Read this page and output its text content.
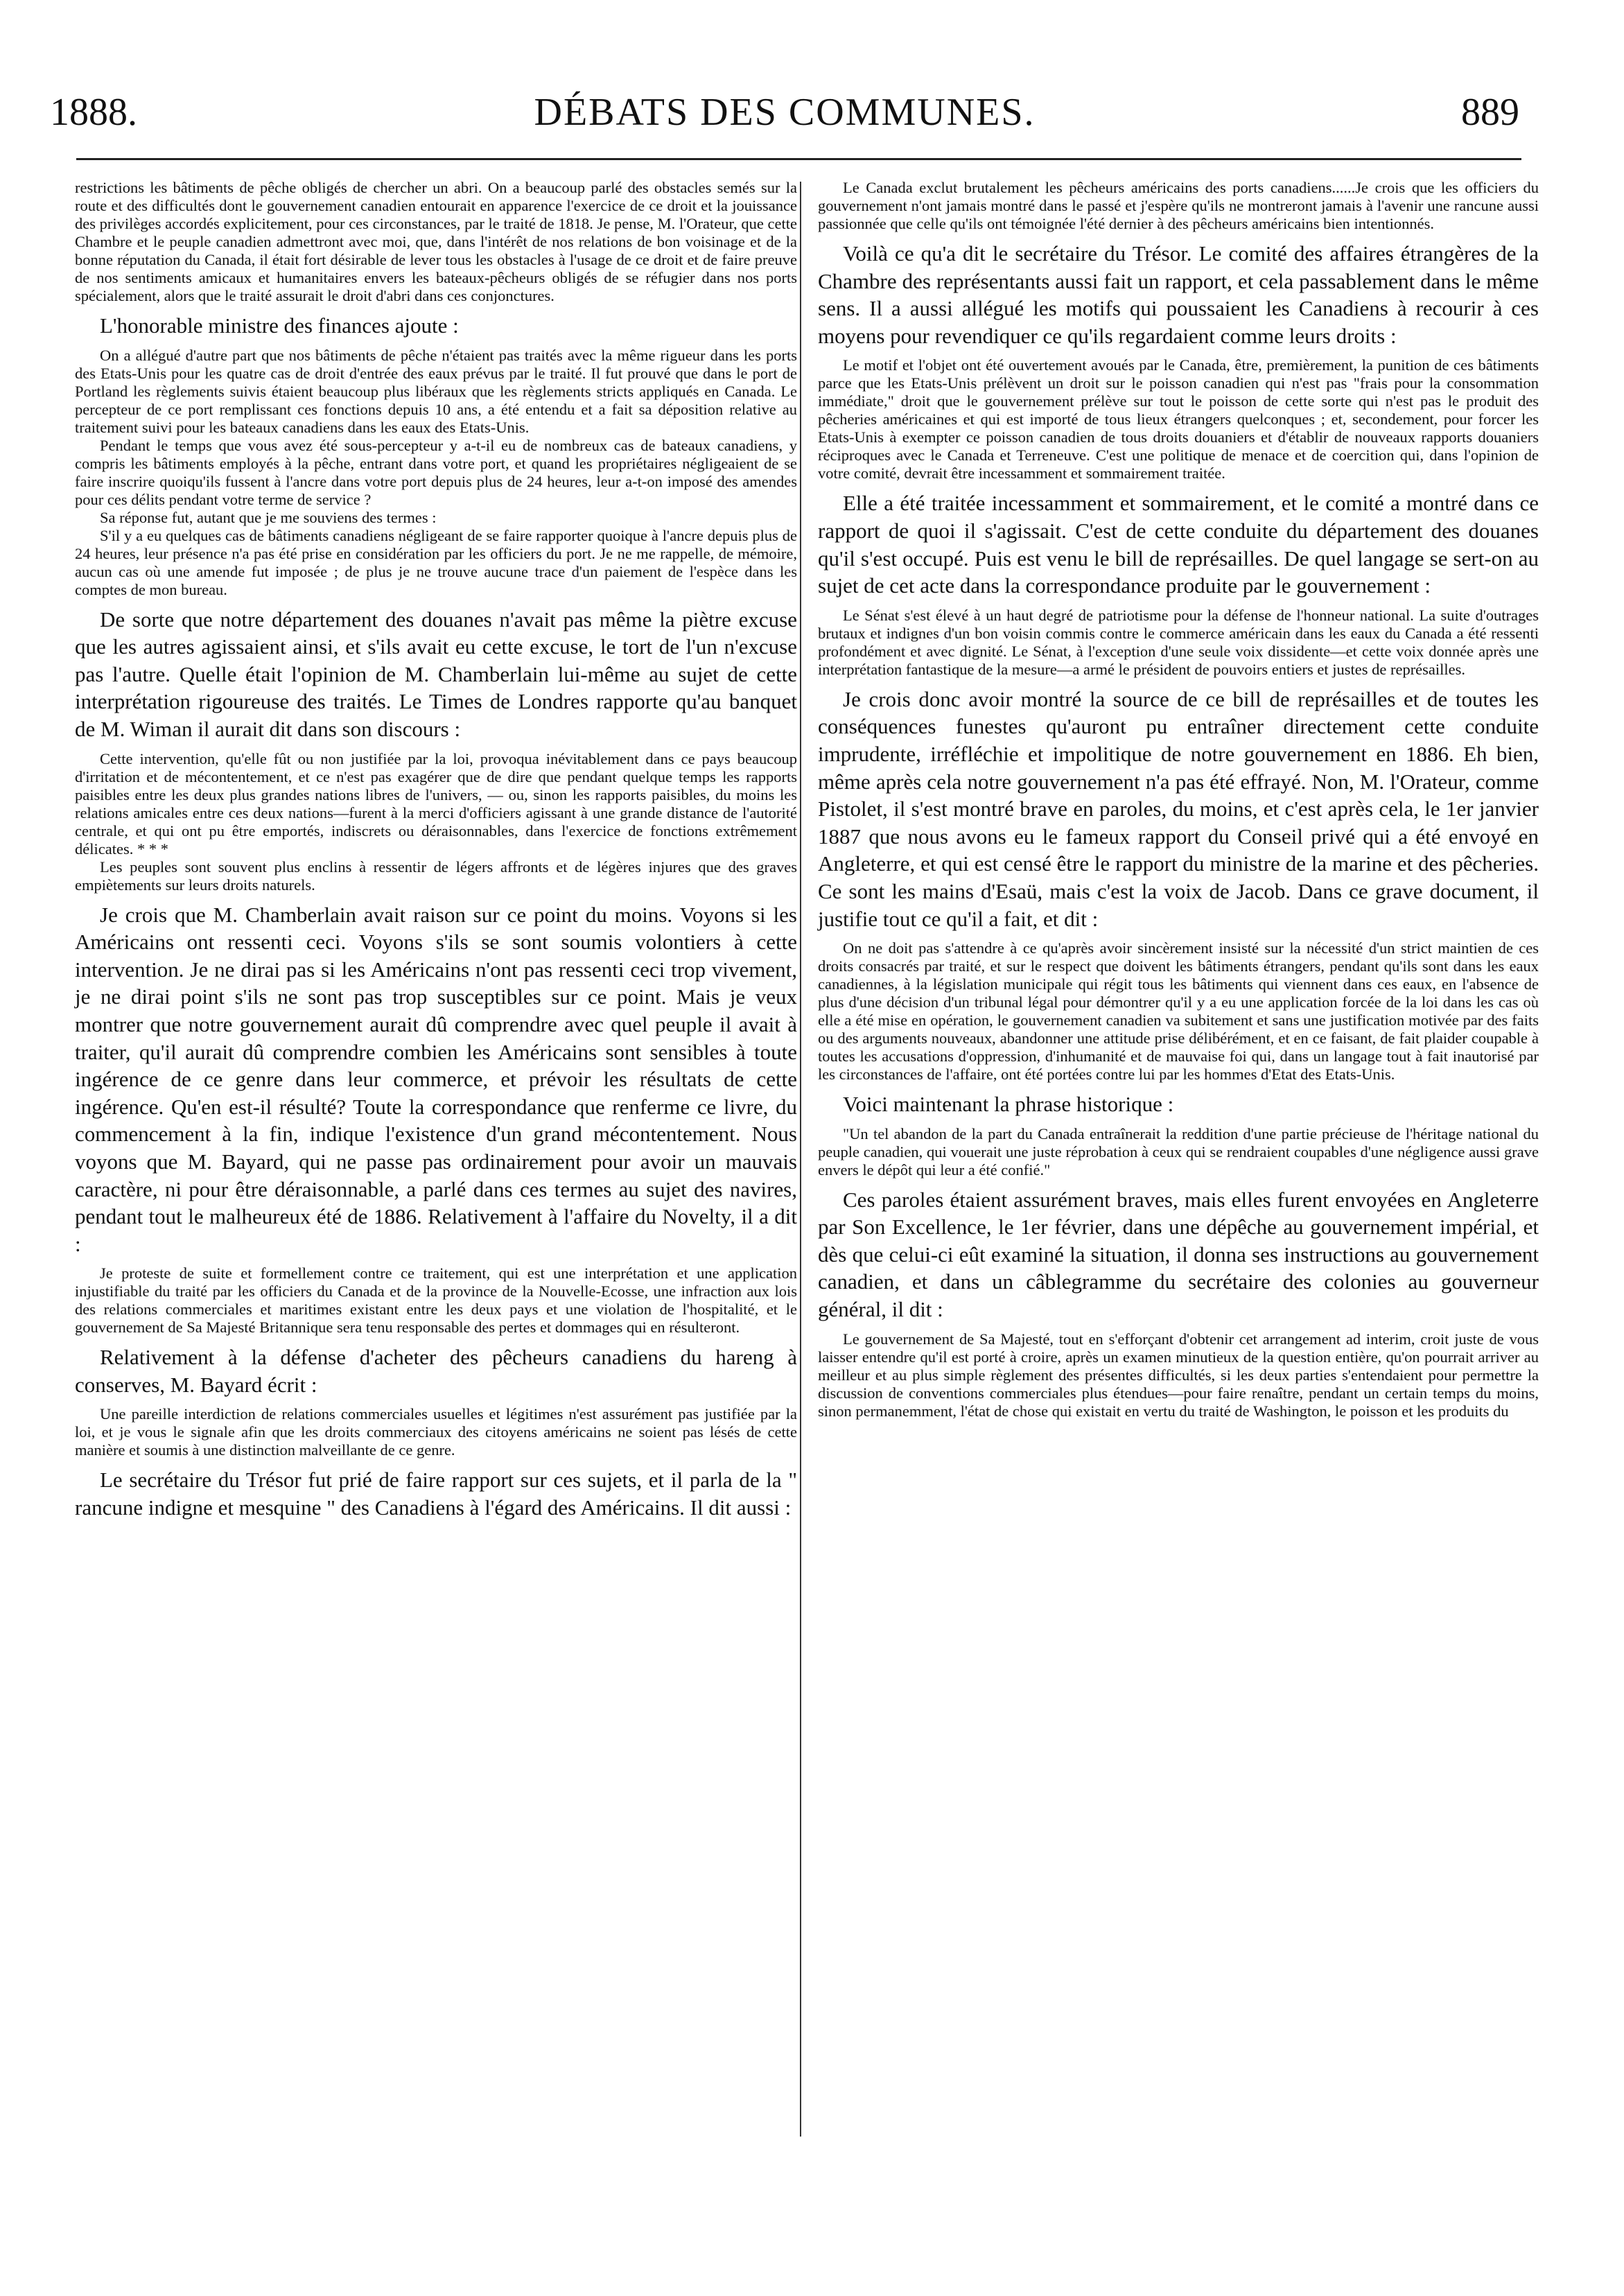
1888.	DÉBATS DES COMMUNES.	889

restrictions les bâtiments de pêche obligés de chercher un abri. On a beaucoup parlé des obstacles semés sur la route et des difficultés dont le gouvernement canadien entourait en apparence l'exercice de ce droit et la jouissance des privilèges accordés explicitement, pour ces circonstances, par le traité de 1818. Je pense, M. l'Orateur, que cette Chambre et le peuple canadien admettront avec moi, que, dans l'intérêt de nos relations de bon voisinage et de la bonne réputation du Canada, il était fort désirable de lever tous les obstacles à l'usage de ce droit et de faire preuve de nos sentiments amicaux et humanitaires envers les bateaux-pêcheurs obligés de se réfugier dans nos ports spécialement, alors que le traité assurait le droit d'abri dans ces conjonctures.

L'honorable ministre des finances ajoute :

On a allégué d'autre part que nos bâtiments de pêche n'étaient pas traités avec la même rigueur dans les ports des Etats-Unis pour les quatre cas de droit d'entrée des eaux prévus par le traité. Il fut prouvé que dans le port de Portland les règlements suivis étaient beaucoup plus libéraux que les règlements stricts appliqués en Canada. Le percepteur de ce port remplissant ces fonctions depuis 10 ans, a été entendu et a fait sa déposition relative au traitement suivi pour les bateaux canadiens dans les eaux des Etats-Unis.

Pendant le temps que vous avez été sous-percepteur y a-t-il eu de nombreux cas de bateaux canadiens, y compris les bâtiments employés à la pêche, entrant dans votre port, et quand les propriétaires négligeaient de se faire inscrire quoiqu'ils fussent à l'ancre dans votre port depuis plus de 24 heures, leur a-t-on imposé des amendes pour ces délits pendant votre terme de service ?

Sa réponse fut, autant que je me souviens des termes :

S'il y a eu quelques cas de bâtiments canadiens négligeant de se faire rapporter quoique à l'ancre depuis plus de 24 heures, leur présence n'a pas été prise en considération par les officiers du port. Je ne me rappelle, de mémoire, aucun cas où une amende fut imposée ; de plus je ne trouve aucune trace d'un paiement de l'espèce dans les comptes de mon bureau.

De sorte que notre département des douanes n'avait pas même la piètre excuse que les autres agissaient ainsi, et s'ils avait eu cette excuse, le tort de l'un n'excuse pas l'autre. Quelle était l'opinion de M. Chamberlain lui-même au sujet de cette interprétation rigoureuse des traités. Le Times de Londres rapporte qu'au banquet de M. Wiman il aurait dit dans son discours :

Cette intervention, qu'elle fût ou non justifiée par la loi, provoqua inévitablement dans ce pays beaucoup d'irritation et de mécontentement, et ce n'est pas exagérer que de dire que pendant quelque temps les rapports paisibles entre les deux plus grandes nations libres de l'univers, — ou, sinon les rapports paisibles, du moins les relations amicales entre ces deux nations—furent à la merci d'officiers agissant à une grande distance de l'autorité centrale, et qui ont pu être emportés, indiscrets ou déraisonnables, dans l'exercice de fonctions extrêmement délicates. * * *

Les peuples sont souvent plus enclins à ressentir de légers affronts et de légères injures que des graves empiètements sur leurs droits naturels.

Je crois que M. Chamberlain avait raison sur ce point du moins. Voyons si les Américains ont ressenti ceci. Voyons s'ils se sont soumis volontiers à cette intervention. Je ne dirai pas si les Américains n'ont pas ressenti ceci trop vivement, je ne dirai point s'ils ne sont pas trop susceptibles sur ce point. Mais je veux montrer que notre gouvernement aurait dû comprendre avec quel peuple il avait à traiter, qu'il aurait dû comprendre combien les Américains sont sensibles à toute ingérence de ce genre dans leur commerce, et prévoir les résultats de cette ingérence. Qu'en est-il résulté? Toute la correspondance que renferme ce livre, du commencement à la fin, indique l'existence d'un grand mécontentement. Nous voyons que M. Bayard, qui ne passe pas ordinairement pour avoir un mauvais caractère, ni pour être déraisonnable, a parlé dans ces termes au sujet des navires, pendant tout le malheureux été de 1886. Relativement à l'affaire du Novelty, il a dit :

Je proteste de suite et formellement contre ce traitement, qui est une interprétation et une application injustifiable du traité par les officiers du Canada et de la province de la Nouvelle-Ecosse, une infraction aux lois des relations commerciales et maritimes existant entre les deux pays et une violation de l'hospitalité, et le gouvernement de Sa Majesté Britannique sera tenu responsable des pertes et dommages qui en résulteront.

Relativement à la défense d'acheter des pêcheurs canadiens du hareng à conserves, M. Bayard écrit :

Une pareille interdiction de relations commerciales usuelles et légitimes n'est assurément pas justifiée par la loi, et je vous le signale afin que les droits commerciaux des citoyens américains ne soient pas lésés de cette manière et soumis à une distinction malveillante de ce genre.

Le secrétaire du Trésor fut prié de faire rapport sur ces sujets, et il parla de la " rancune indigne et mesquine " des Canadiens à l'égard des Américains. Il dit aussi :

Le Canada exclut brutalement les pêcheurs américains des ports canadiens......Je crois que les officiers du gouvernement n'ont jamais montré dans le passé et j'espère qu'ils ne montreront jamais à l'avenir une rancune aussi passionnée que celle qu'ils ont témoignée l'été dernier à des pêcheurs américains bien intentionnés.

Voilà ce qu'a dit le secrétaire du Trésor. Le comité des affaires étrangères de la Chambre des représentants aussi fait un rapport, et cela passablement dans le même sens. Il a aussi allégué les motifs qui poussaient les Canadiens à recourir à ces moyens pour revendiquer ce qu'ils regardaient comme leurs droits :

Le motif et l'objet ont été ouvertement avoués par le Canada, être, premièrement, la punition de ces bâtiments parce que les Etats-Unis prélèvent un droit sur le poisson canadien qui n'est pas "frais pour la consommation immédiate," droit que le gouvernement prélève sur tout le poisson de cette sorte qui n'est pas le produit des pêcheries américaines et qui est importé de tous lieux étrangers quelconques ; et, secondement, pour forcer les Etats-Unis à exempter ce poisson canadien de tous droits douaniers et d'établir de nouveaux rapports douaniers réciproques avec le Canada et Terreneuve. C'est une politique de menace et de coercition qui, dans l'opinion de votre comité, devrait être incessamment et sommairement traitée.

Elle a été traitée incessamment et sommairement, et le comité a montré dans ce rapport de quoi il s'agissait. C'est de cette conduite du département des douanes qu'il s'est occupé. Puis est venu le bill de représailles. De quel langage se sert-on au sujet de cet acte dans la correspondance produite par le gouvernement :

Le Sénat s'est élevé à un haut degré de patriotisme pour la défense de l'honneur national. La suite d'outrages brutaux et indignes d'un bon voisin commis contre le commerce américain dans les eaux du Canada a été ressenti profondément et avec dignité. Le Sénat, à l'exception d'une seule voix dissidente—et cette voix donnée après une interprétation fantastique de la mesure—a armé le président de pouvoirs entiers et justes de représailles.

Je crois donc avoir montré la source de ce bill de représailles et de toutes les conséquences funestes qu'auront pu entraîner directement cette conduite imprudente, irréfléchie et impolitique de notre gouvernement en 1886. Eh bien, même après cela notre gouvernement n'a pas été effrayé. Non, M. l'Orateur, comme Pistolet, il s'est montré brave en paroles, du moins, et c'est après cela, le 1er janvier 1887 que nous avons eu le fameux rapport du Conseil privé qui a été envoyé en Angleterre, et qui est censé être le rapport du ministre de la marine et des pêcheries. Ce sont les mains d'Esaü, mais c'est la voix de Jacob. Dans ce grave document, il justifie tout ce qu'il a fait, et dit :

On ne doit pas s'attendre à ce qu'après avoir sincèrement insisté sur la nécessité d'un strict maintien de ces droits consacrés par traité, et sur le respect que doivent les bâtiments étrangers, pendant qu'ils sont dans les eaux canadiennes, à la législation municipale qui régit tous les bâtiments qui viennent dans ces eaux, en l'absence de plus d'une décision d'un tribunal légal pour démontrer qu'il y a eu une application forcée de la loi dans les cas où elle a été mise en opération, le gouvernement canadien va subitement et sans une justification motivée par des faits ou des arguments nouveaux, abandonner une attitude prise délibérément, et en ce faisant, de fait plaider coupable à toutes les accusations d'oppression, d'inhumanité et de mauvaise foi qui, dans un langage tout à fait inautorisé par les circonstances de l'affaire, ont été portées contre lui par les hommes d'Etat des Etats-Unis.

Voici maintenant la phrase historique :

"Un tel abandon de la part du Canada entraînerait la reddition d'une partie précieuse de l'héritage national du peuple canadien, qui vouerait une juste réprobation à ceux qui se rendraient coupables d'une négligence aussi grave envers le dépôt qui leur a été confié."

Ces paroles étaient assurément braves, mais elles furent envoyées en Angleterre par Son Excellence, le 1er février, dans une dépêche au gouvernement impérial, et dès que celui-ci eût examiné la situation, il donna ses instructions au gouvernement canadien, et dans un câblegramme du secrétaire des colonies au gouverneur général, il dit :

Le gouvernement de Sa Majesté, tout en s'efforçant d'obtenir cet arrangement ad interim, croit juste de vous laisser entendre qu'il est porté à croire, après un examen minutieux de la question entière, qu'on pourrait arriver au meilleur et au plus simple règlement des présentes difficultés, si les deux parties s'entendaient pour permettre la discussion de conventions commerciales plus étendues—pour faire renaître, pendant un certain temps du moins, sinon permanemment, l'état de chose qui existait en vertu du traité de Washington, le poisson et les produits du
